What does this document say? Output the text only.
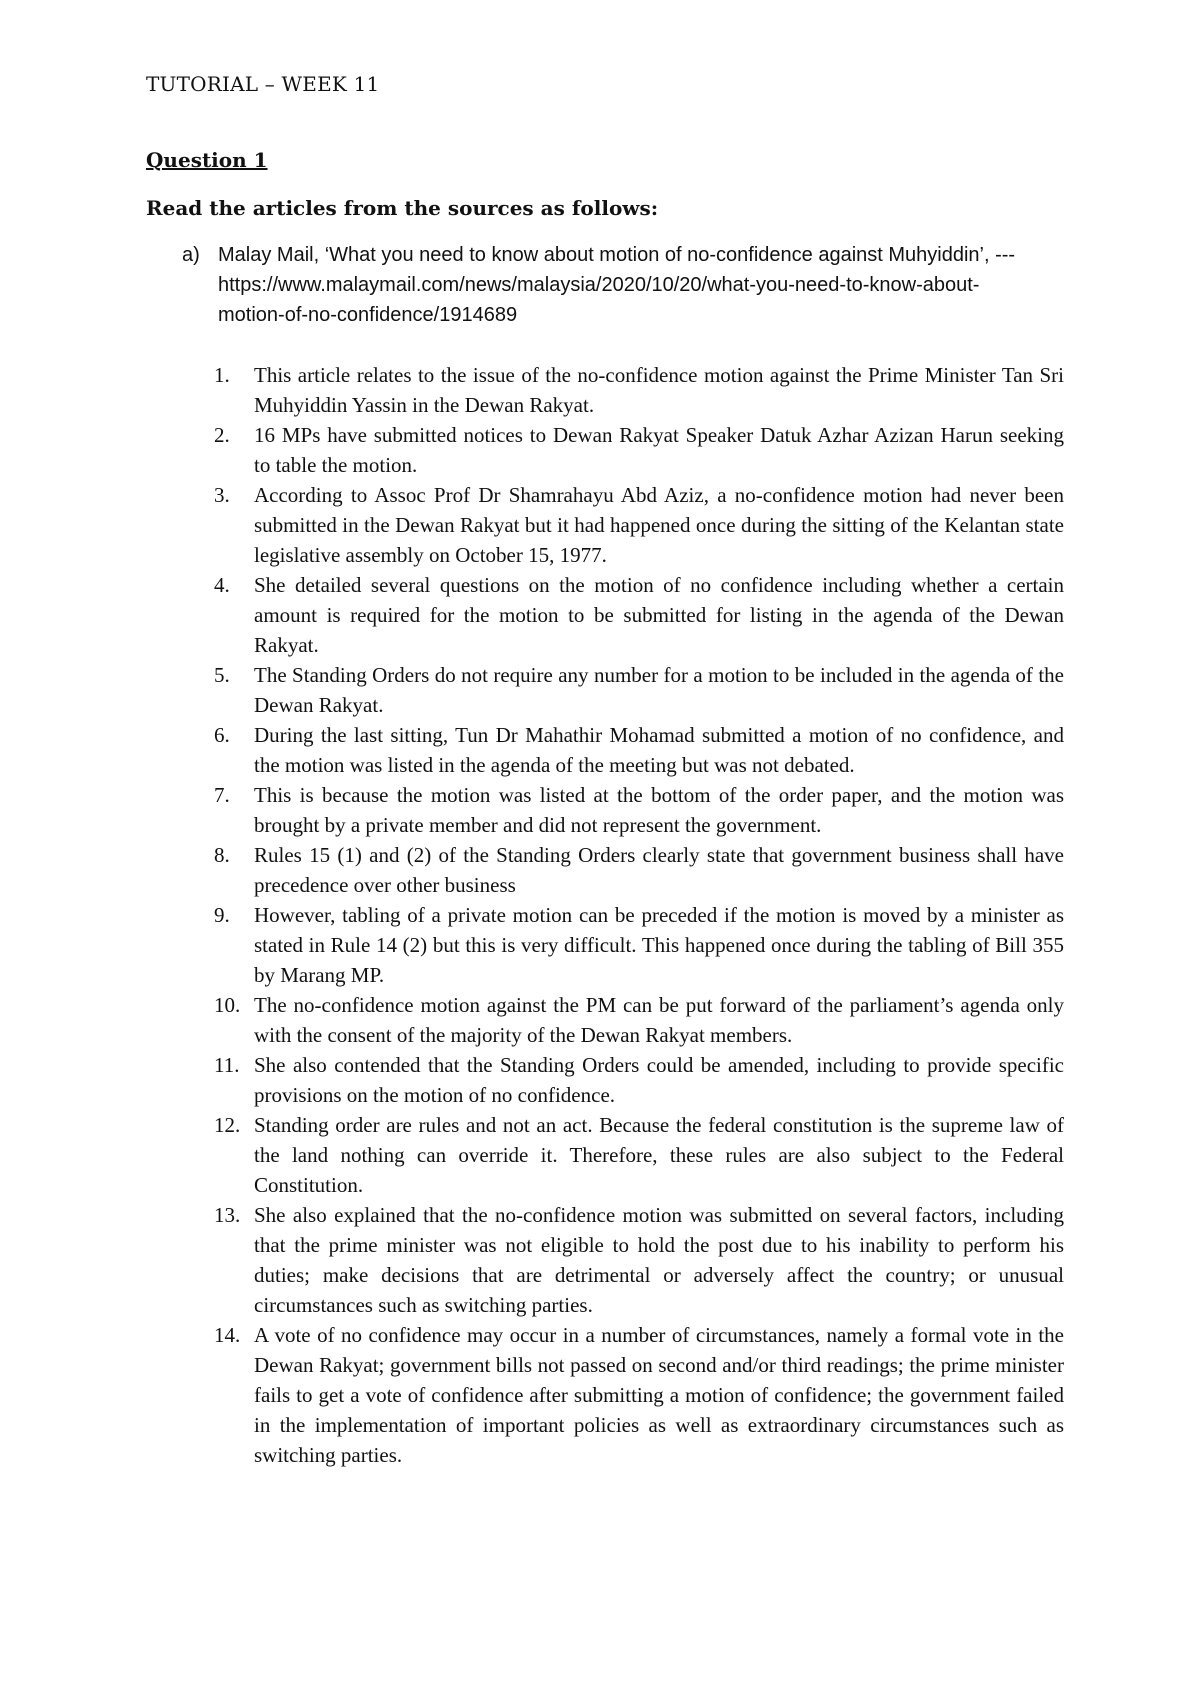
TUTORIAL – WEEK 11
Question 1

Read the articles from the sources as follows:

a) Malay Mail, ‘What you need to know about motion of no-confidence against Muhyiddin’, --- https://www.malaymail.com/news/malaysia/2020/10/20/what-you-need-to-know-about-motion-of-no-confidence/1914689
1.	This article relates to the issue of the no-confidence motion against the Prime Minister Tan Sri Muhyiddin Yassin in the Dewan Rakyat.
2.	16 MPs have submitted notices to Dewan Rakyat Speaker Datuk Azhar Azizan Harun seeking to table the motion.
3.	According to Assoc Prof Dr Shamrahayu Abd Aziz, a no-confidence motion had never been submitted in the Dewan Rakyat but it had happened once during the sitting of the Kelantan state legislative assembly on October 15, 1977.
4.	She detailed several questions on the motion of no confidence including whether a certain amount is required for the motion to be submitted for listing in the agenda of the Dewan Rakyat.
5.	The Standing Orders do not require any number for a motion to be included in the agenda of the Dewan Rakyat.
6.	During the last sitting, Tun Dr Mahathir Mohamad submitted a motion of no confidence, and the motion was listed in the agenda of the meeting but was not debated.
7.	This is because the motion was listed at the bottom of the order paper, and the motion was brought by a private member and did not represent the government.
8.	Rules 15 (1) and (2) of the Standing Orders clearly state that government business shall have precedence over other business
9.	However, tabling of a private motion can be preceded if the motion is moved by a minister as stated in Rule 14 (2) but this is very difficult. This happened once during the tabling of Bill 355 by Marang MP.
10. The no-confidence motion against the PM can be put forward of the parliament’s agenda only with the consent of the majority of the Dewan Rakyat members.
11. She also contended that the Standing Orders could be amended, including to provide specific provisions on the motion of no confidence.
12. Standing order are rules and not an act. Because the federal constitution is the supreme law of the land nothing can override it. Therefore, these rules are also subject to the Federal Constitution.
13. She also explained that the no-confidence motion was submitted on several factors, including that the prime minister was not eligible to hold the post due to his inability to perform his duties; make decisions that are detrimental or adversely affect the country; or unusual circumstances such as switching parties.
14. A vote of no confidence may occur in a number of circumstances, namely a formal vote in the Dewan Rakyat; government bills not passed on second and/or third readings; the prime minister fails to get a vote of confidence after submitting a motion of confidence; the government failed in the implementation of important policies as well as extraordinary circumstances such as switching parties.
